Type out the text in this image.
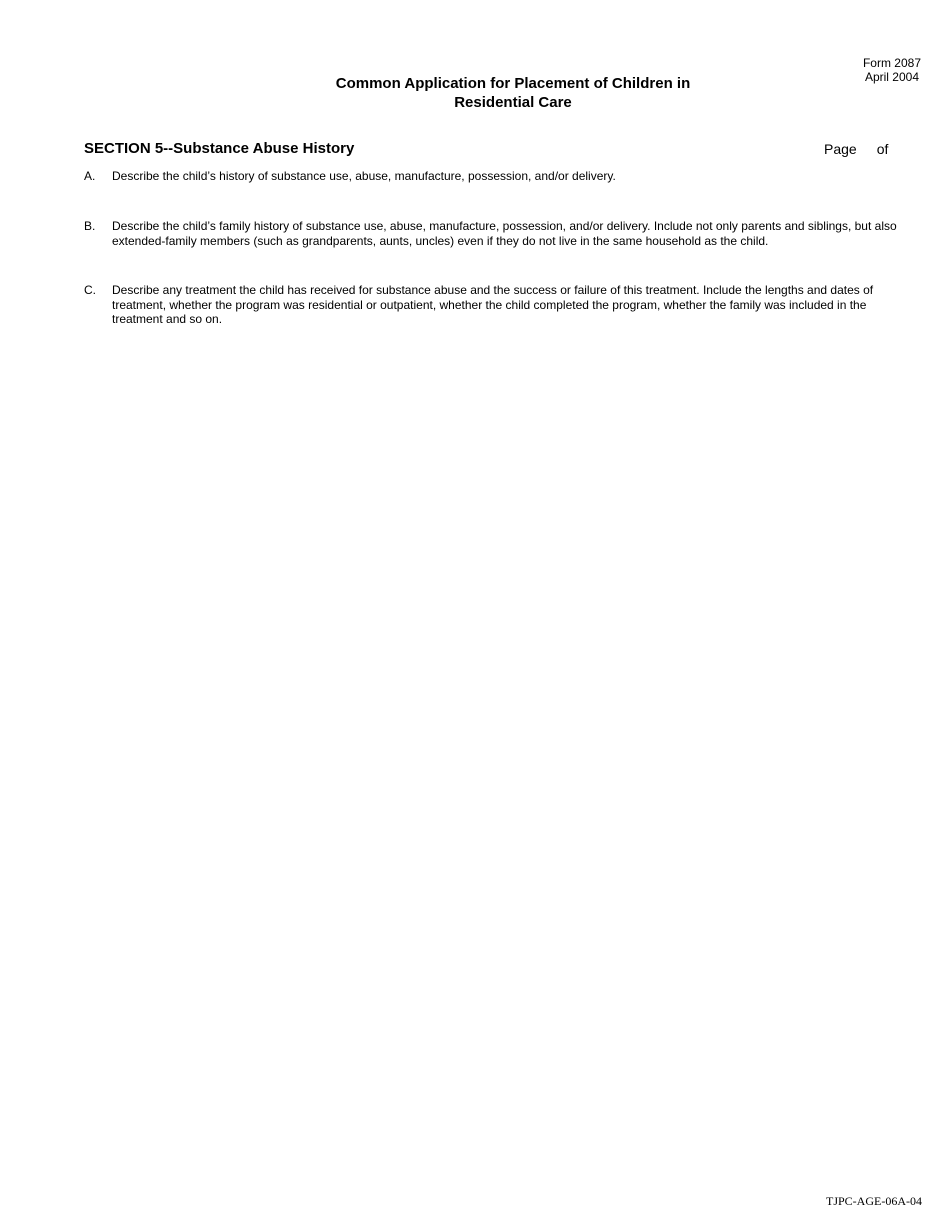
Form 2087
April 2004
Common Application for Placement of Children in
Residential Care
SECTION 5--Substance Abuse History	Page of
A. Describe the child’s history of substance use, abuse, manufacture, possession, and/or delivery.
B. Describe the child’s family history of substance use, abuse, manufacture, possession, and/or delivery. Include not only parents and siblings, but also extended-family members (such as grandparents, aunts, uncles) even if they do not live in the same household as the child.
C. Describe any treatment the child has received for substance abuse and the success or failure of this treatment. Include the lengths and dates of treatment, whether the program was residential or outpatient, whether the child completed the program, whether the family was included in the treatment and so on.
TJPC-AGE-06A-04
